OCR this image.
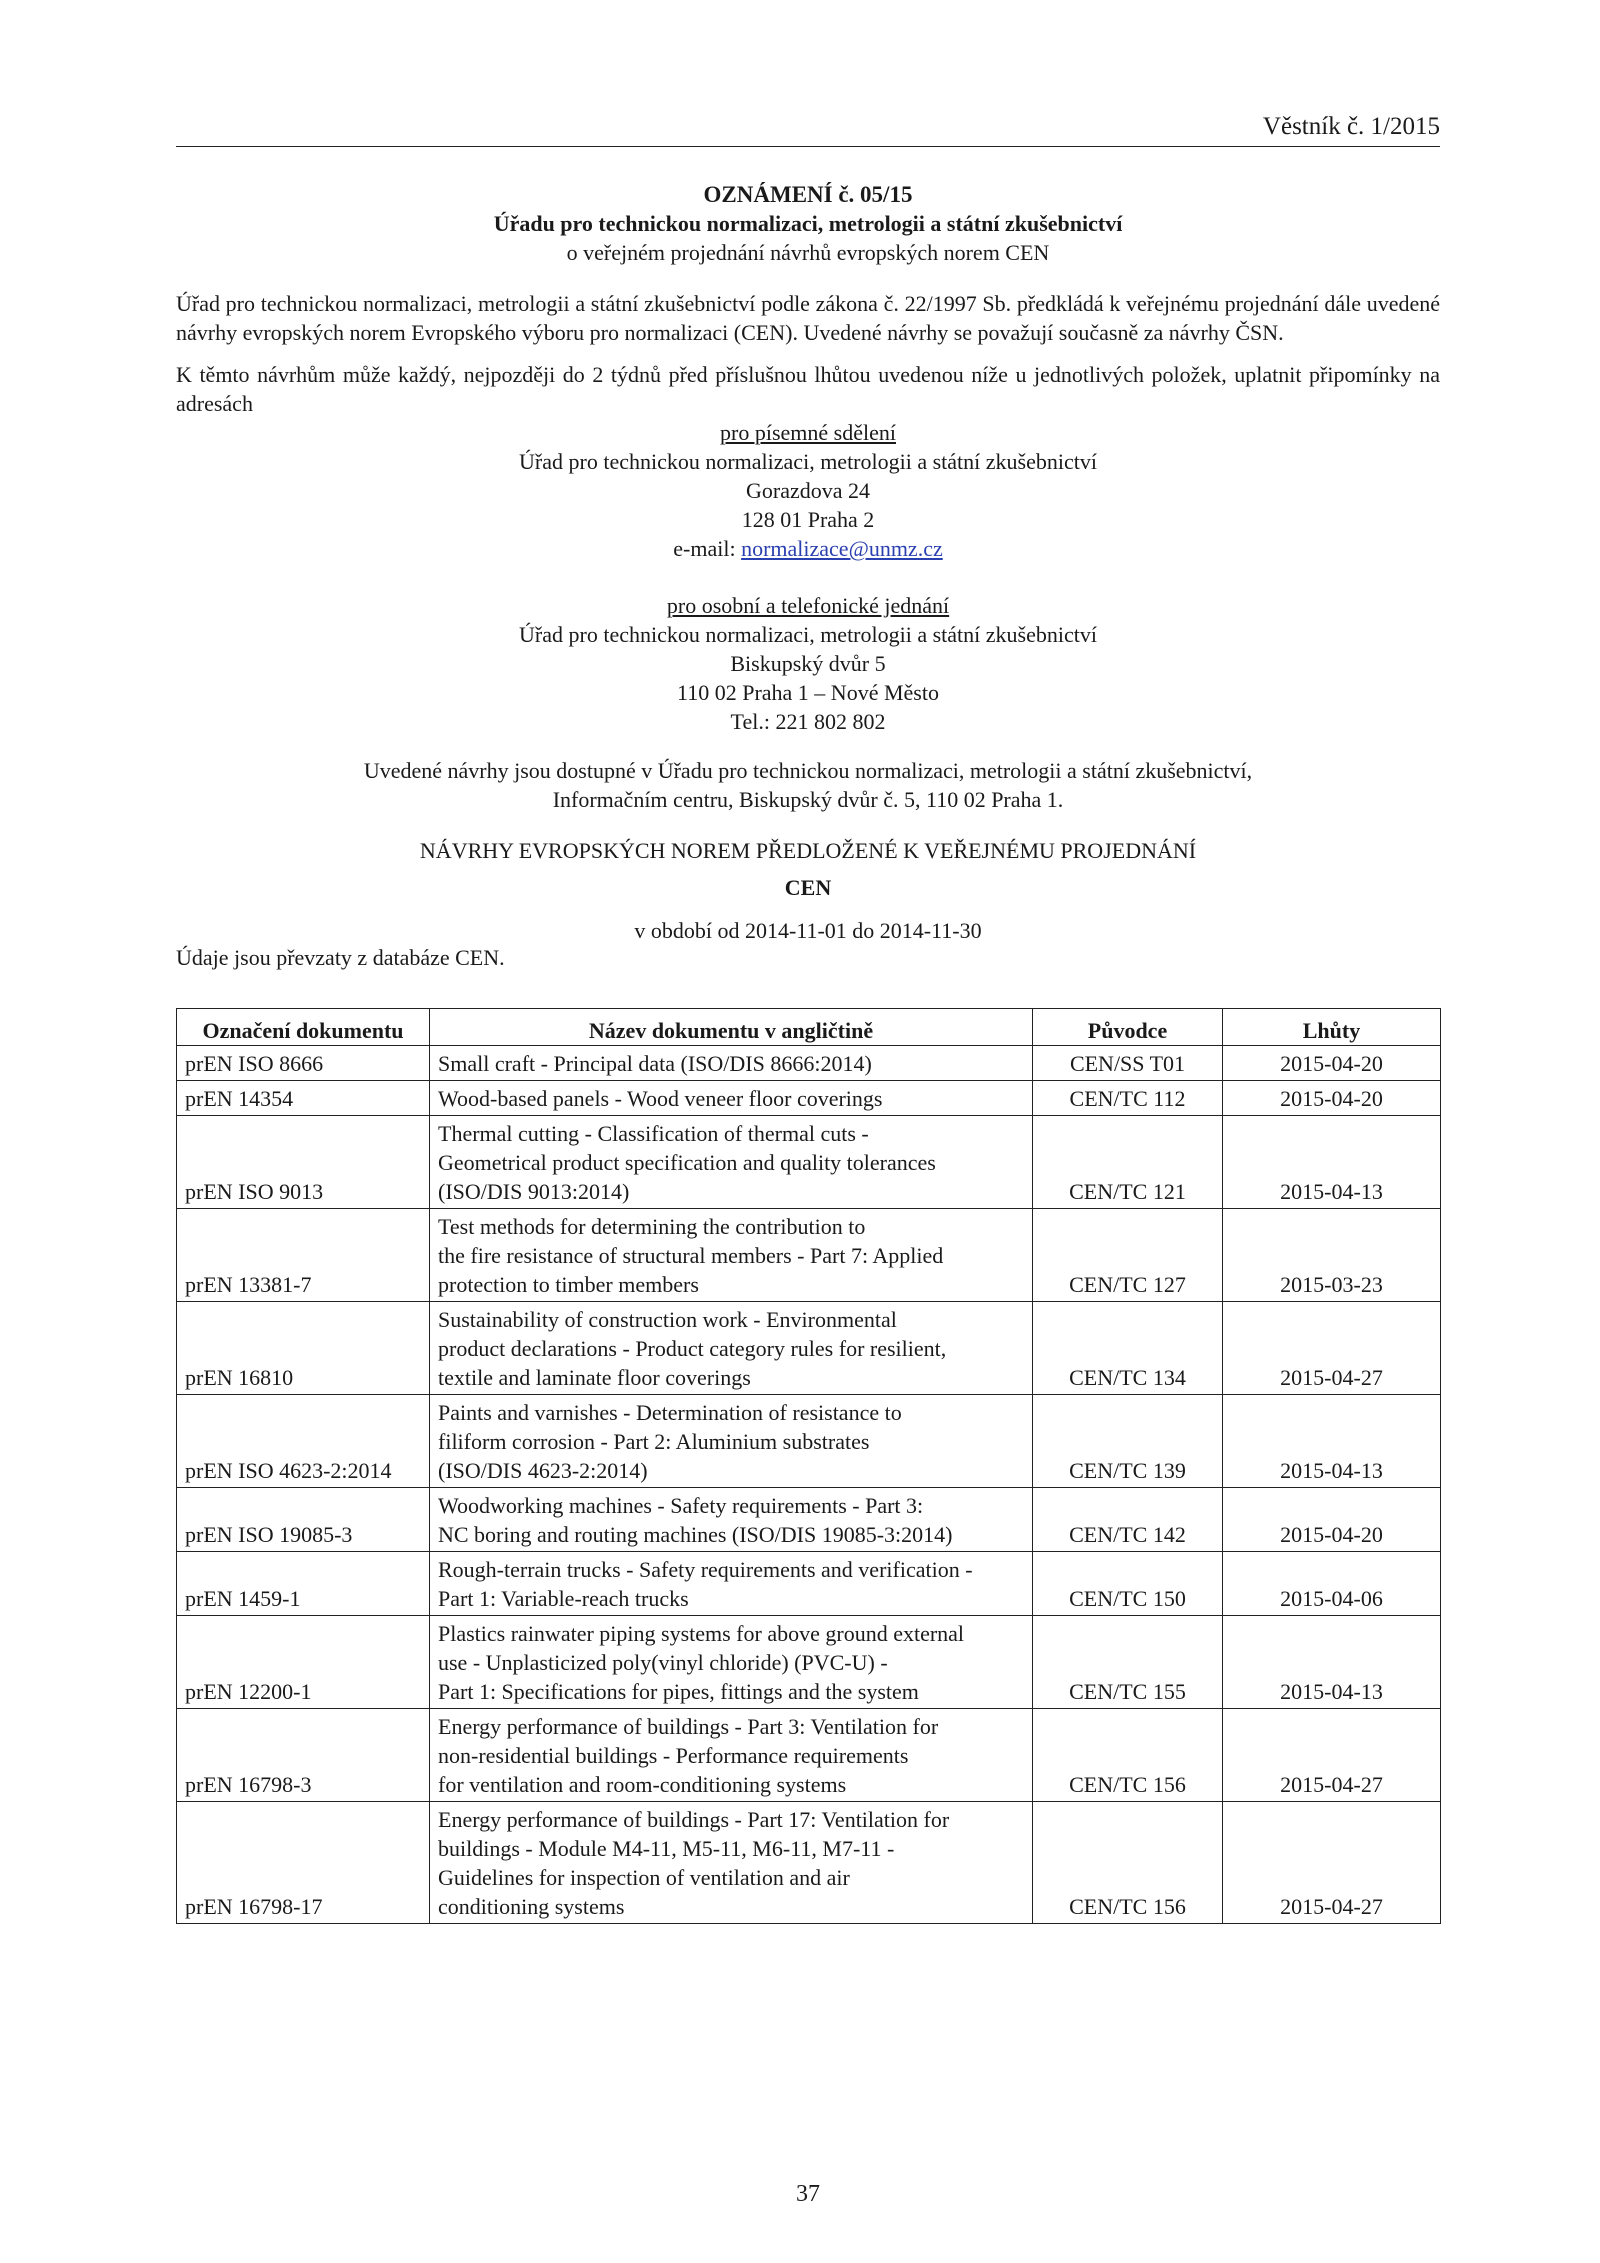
Věstník č. 1/2015

OZNÁMENÍ č. 05/15

Úřadu pro technickou normalizaci, metrologii a státní zkušebnictví

o veřejném projednání návrhů evropských norem CEN

Úřad pro technickou normalizaci, metrologii a státní zkušebnictví podle zákona č. 22/1997 Sb. předkládá k veřejnému projednání dále uvedené návrhy evropských norem Evropského výboru pro normalizaci (CEN). Uvedené návrhy se považují současně za návrhy ČSN.

K těmto návrhům může každý, nejpozději do 2 týdnů před příslušnou lhůtou uvedenou níže u jednotlivých položek, uplatnit připomínky na adresách

pro písemné sdělení

Úřad pro technickou normalizaci, metrologii a státní zkušebnictví

Gorazdova 24

128 01 Praha 2

e-mail: normalizace@unmz.cz

pro osobní a telefonické jednání

Úřad pro technickou normalizaci, metrologii a státní zkušebnictví

Biskupský dvůr 5

110 02 Praha 1 – Nové Město

Tel.: 221 802 802

Uvedené návrhy jsou dostupné v Úřadu pro technickou normalizaci, metrologii a státní zkušebnictví,

Informačním centru, Biskupský dvůr č. 5, 110 02 Praha 1.

NÁVRHY EVROPSKÝCH NOREM PŘEDLOŽENÉ K VEŘEJNÉMU PROJEDNÁNÍ

CEN

v období od 2014-11-01 do 2014-11-30

Údaje jsou převzaty z databáze CEN.

Označení dokumentu	Název dokumentu v angličtině	Původce	Lhůty
prEN ISO 8666	Small craft - Principal data (ISO/DIS 8666:2014)	CEN/SS T01	2015-04-20
prEN 14354	Wood-based panels - Wood veneer floor coverings	CEN/TC 112	2015-04-20
prEN ISO 9013	Thermal cutting - Classification of thermal cuts -
Geometrical product specification and quality tolerances
(ISO/DIS 9013:2014)	CEN/TC 121	2015-04-13
prEN 13381-7	Test methods for determining the contribution to
the fire resistance of structural members - Part 7: Applied
protection to timber members	CEN/TC 127	2015-03-23
prEN 16810	Sustainability of construction work - Environmental
product declarations - Product category rules for resilient,
textile and laminate floor coverings	CEN/TC 134	2015-04-27
prEN ISO 4623-2:2014	Paints and varnishes - Determination of resistance to
filiform corrosion - Part 2: Aluminium substrates
(ISO/DIS 4623-2:2014)	CEN/TC 139	2015-04-13
prEN ISO 19085-3	Woodworking machines - Safety requirements - Part 3:
NC boring and routing machines (ISO/DIS 19085-3:2014)	CEN/TC 142	2015-04-20
prEN 1459-1	Rough-terrain trucks - Safety requirements and verification -
Part 1: Variable-reach trucks	CEN/TC 150	2015-04-06
prEN 12200-1	Plastics rainwater piping systems for above ground external
use - Unplasticized poly(vinyl chloride) (PVC-U) -
Part 1: Specifications for pipes, fittings and the system	CEN/TC 155	2015-04-13
prEN 16798-3	Energy performance of buildings - Part 3: Ventilation for
non-residential buildings - Performance requirements
for ventilation and room-conditioning systems	CEN/TC 156	2015-04-27
prEN 16798-17	Energy performance of buildings - Part 17: Ventilation for
buildings - Module M4-11, M5-11, M6-11, M7-11 -
Guidelines for inspection of ventilation and air
conditioning systems	CEN/TC 156	2015-04-27
37
